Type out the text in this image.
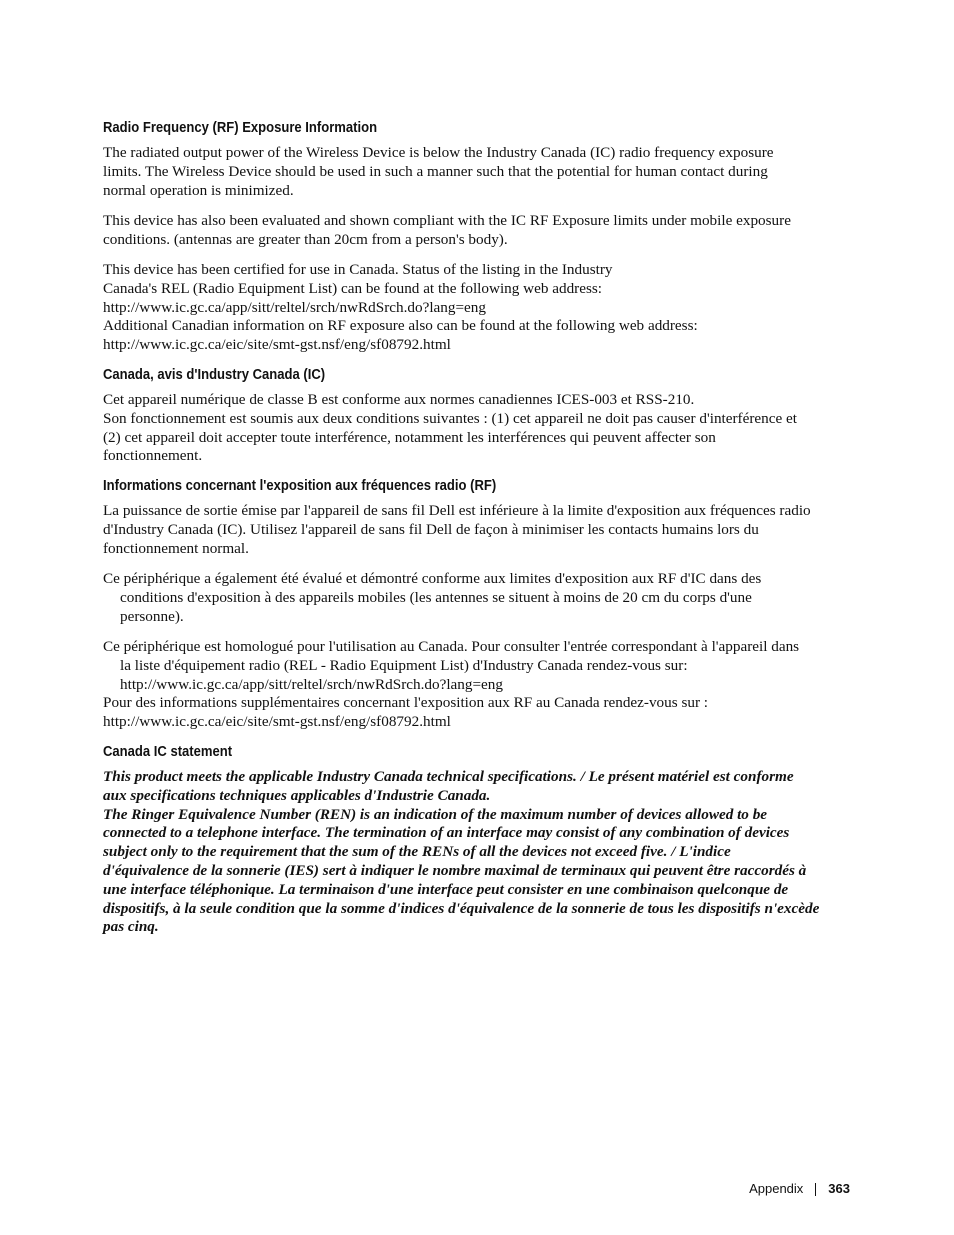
Radio Frequency (RF) Exposure Information
The radiated output power of the Wireless Device is below the Industry Canada (IC) radio frequency exposure
limits. The Wireless Device should be used in such a manner such that the potential for human contact during
normal operation is minimized.
This device has also been evaluated and shown compliant with the IC RF Exposure limits under mobile exposure
conditions. (antennas are greater than 20cm from a person's body).
This device has been certified for use in Canada. Status of the listing in the Industry
Canada's REL (Radio Equipment List) can be found at the following web address:
http://www.ic.gc.ca/app/sitt/reltel/srch/nwRdSrch.do?lang=eng
Additional Canadian information on RF exposure also can be found at the following web address:
http://www.ic.gc.ca/eic/site/smt-gst.nsf/eng/sf08792.html
Canada, avis d'Industry Canada (IC)
Cet appareil numérique de classe B est conforme aux normes canadiennes ICES-003 et RSS-210.
Son fonctionnement est soumis aux deux conditions suivantes : (1) cet appareil ne doit pas causer d'interférence et
(2) cet appareil doit accepter toute interférence, notamment les interférences qui peuvent affecter son
fonctionnement.
Informations concernant l'exposition aux fréquences radio (RF)
La puissance de sortie émise par l'appareil de sans fil Dell est inférieure à la limite d'exposition aux fréquences radio
d'Industry Canada (IC). Utilisez l'appareil de sans fil Dell de façon à minimiser les contacts humains lors du
fonctionnement normal.
Ce périphérique a également été évalué et démontré conforme aux limites d'exposition aux RF d'IC dans des
conditions d'exposition à des appareils mobiles (les antennes se situent à moins de 20 cm du corps d'une
personne).
Ce périphérique est homologué pour l'utilisation au Canada. Pour consulter l'entrée correspondant à l'appareil dans
la liste d'équipement radio (REL - Radio Equipment List) d'Industry Canada rendez-vous sur:
http://www.ic.gc.ca/app/sitt/reltel/srch/nwRdSrch.do?lang=eng
Pour des informations supplémentaires concernant l'exposition aux RF au Canada rendez-vous sur :
http://www.ic.gc.ca/eic/site/smt-gst.nsf/eng/sf08792.html
Canada IC statement
This product meets the applicable Industry Canada technical specifications. / Le présent matériel est conforme
aux specifications techniques applicables d'Industrie Canada.
The Ringer Equivalence Number (REN) is an indication of the maximum number of devices allowed to be
connected to a telephone interface. The termination of an interface may consist of any combination of devices
subject only to the requirement that the sum of the RENs of all the devices not exceed five. / L'indice
d'équivalence de la sonnerie (IES) sert à indiquer le nombre maximal de terminaux qui peuvent être raccordés à
une interface téléphonique. La terminaison d'une interface peut consister en une combinaison quelconque de
dispositifs, à la seule condition que la somme d'indices d'équivalence de la sonnerie de tous les dispositifs n'excède
pas cinq.
Appendix 363
